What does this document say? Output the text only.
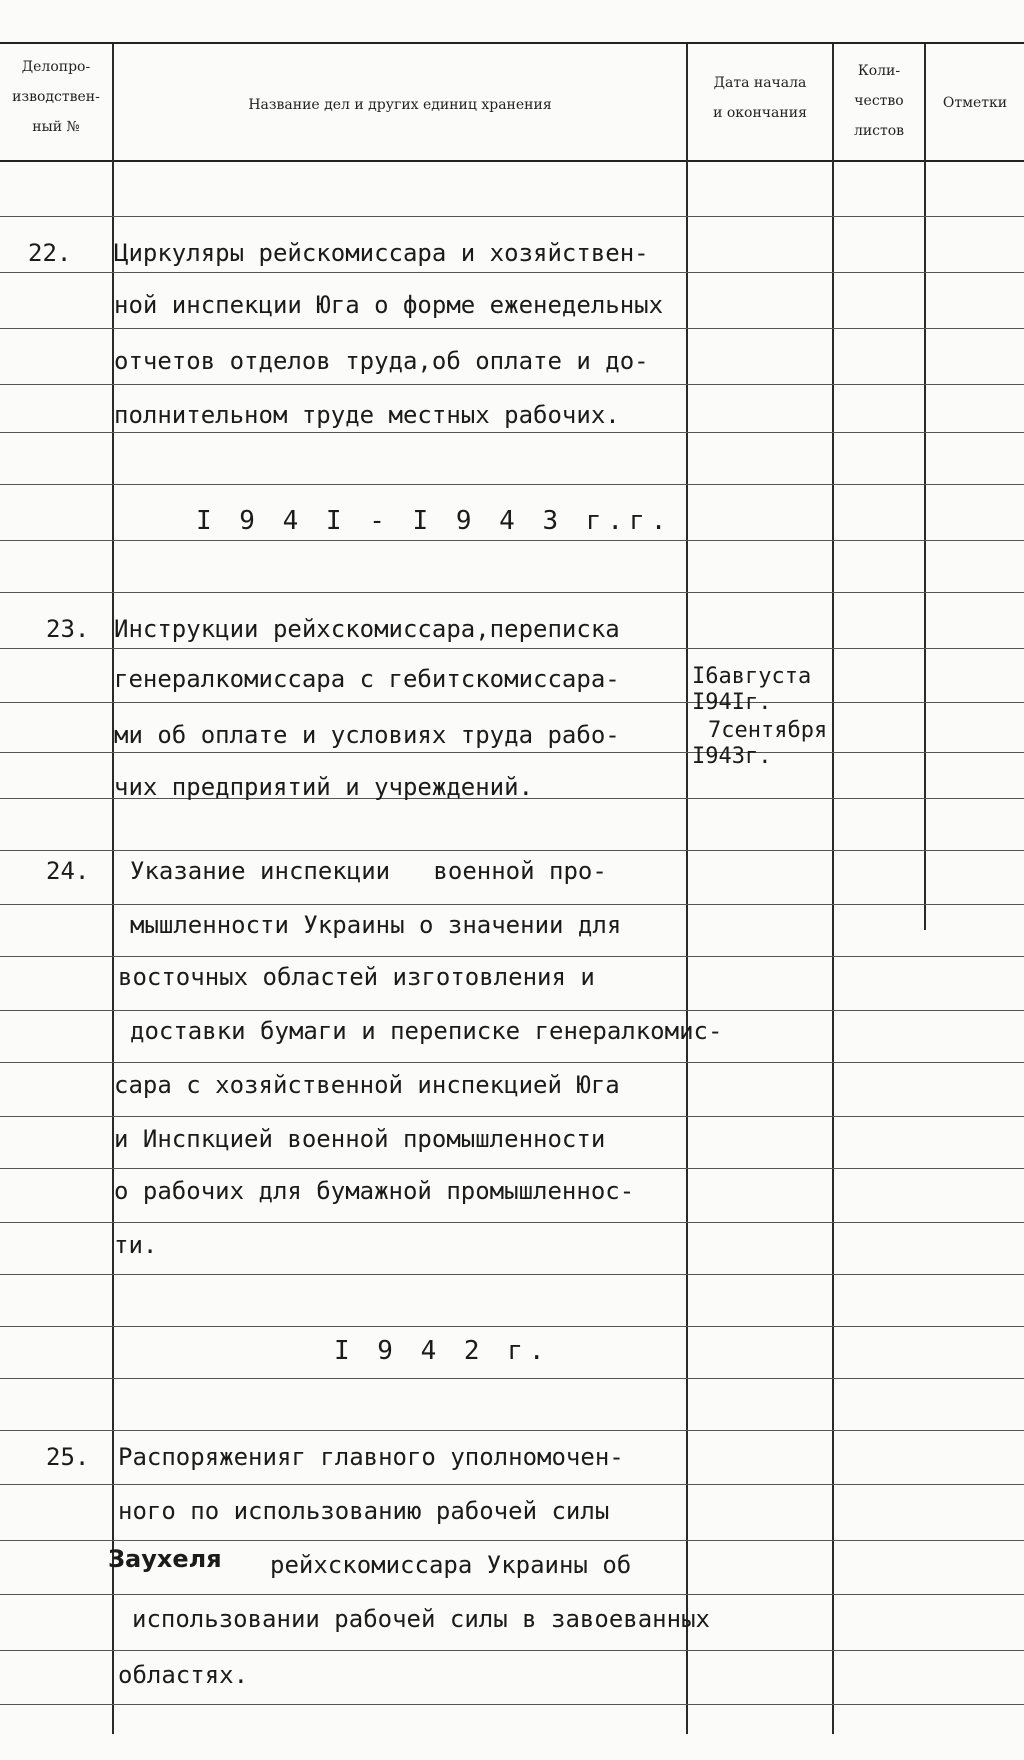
Делопро-
изводствен-
ный №
Название дел и других единиц хранения
Дата начала
и окончания
Коли-
чество
листов
Отметки
22. Циркуляры рейскомиссара и хозяйствен-
ной инспекции Юга о форме еженедельных
отчетов отделов труда,об оплате и до-
полнительном труде местных рабочих.
I 9 4 I - I 9 4 3 г.г.
23. Инструкции рейхскомиссара,переписка
генералкомиссара с гебитскомиссара-
ми об оплате и условиях труда рабо-
чих предприятий и учреждений.
I6августа
I94Iг.
7сентября
I943г.
24. Указание инспекции   военной про-
мышленности Украины о значении для
восточных областей изготовления и
доставки бумаги и переписке генералкомис-
сара с хозяйственной инспекцией Юга
и Инспкцией военной промышленности
о рабочих для бумажной промышленнос-
ти.
I 9 4 2 г.
25. Распоряженияг главного уполномочен-
ного по использованию рабочей силы
Заухеля рейхскомиссара Украины об
использовании рабочей силы в завоеванных
областях.
